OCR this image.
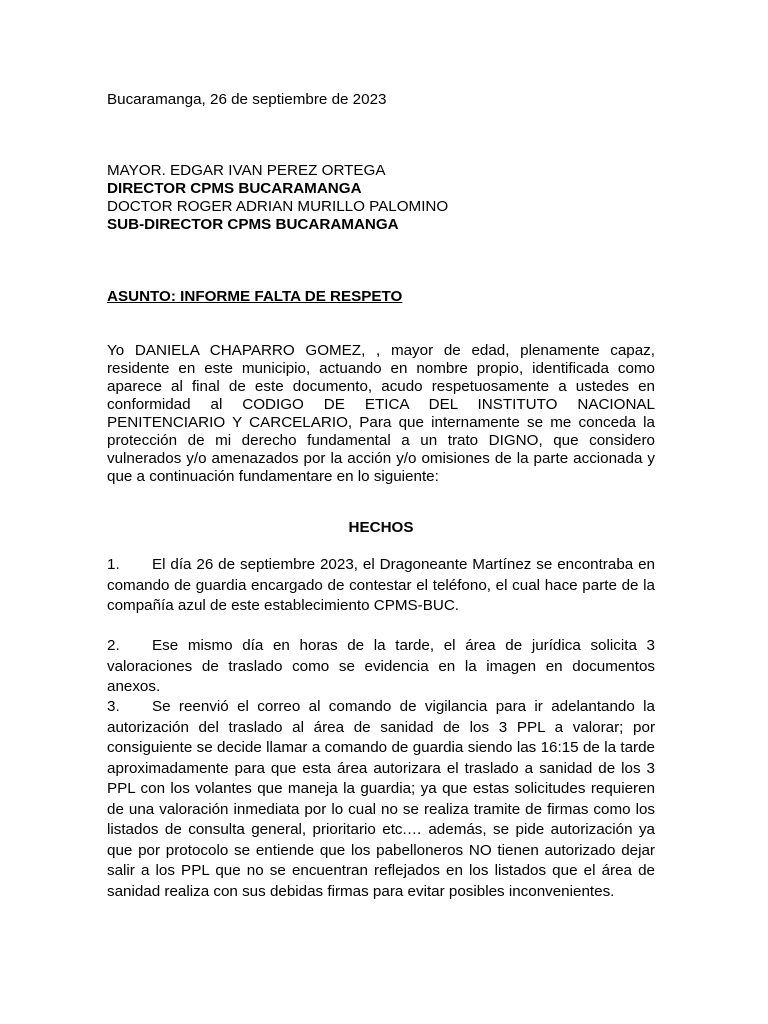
Bucaramanga, 26 de septiembre de 2023
MAYOR. EDGAR IVAN PEREZ ORTEGA
DIRECTOR CPMS BUCARAMANGA
DOCTOR ROGER ADRIAN MURILLO PALOMINO
SUB-DIRECTOR CPMS BUCARAMANGA
ASUNTO: INFORME FALTA DE RESPETO
Yo DANIELA CHAPARRO GOMEZ, , mayor de edad, plenamente capaz,
residente en este municipio, actuando en nombre propio, identificada como
aparece al final de este documento, acudo respetuosamente a ustedes en
conformidad al CODIGO DE ETICA DEL INSTITUTO NACIONAL
PENITENCIARIO Y CARCELARIO, Para que internamente se me conceda la
protección de mi derecho fundamental a un trato DIGNO, que considero
vulnerados y/o amenazados por la acción y/o omisiones de la parte accionada y
que a continuación fundamentare en lo siguiente:
HECHOS
1. El día 26 de septiembre 2023, el Dragoneante Martínez se encontraba en
comando de guardia encargado de contestar el teléfono, el cual hace parte de la
compañía azul de este establecimiento CPMS-BUC.
2. Ese mismo día en horas de la tarde, el área de jurídica solicita 3
valoraciones de traslado como se evidencia en la imagen en documentos anexos.
3. Se reenvió el correo al comando de vigilancia para ir adelantando la
autorización del traslado al área de sanidad de los 3 PPL a valorar; por
consiguiente se decide llamar a comando de guardia siendo las 16:15 de la tarde
aproximadamente para que esta área autorizara el traslado a sanidad de los 3
PPL con los volantes que maneja la guardia; ya que estas solicitudes requieren
de una valoración inmediata por lo cual no se realiza tramite de firmas como los
listados de consulta general, prioritario etc.… además, se pide autorización ya
que por protocolo se entiende que los pabelloneros NO tienen autorizado dejar
salir a los PPL que no se encuentran reflejados en los listados que el área de
sanidad realiza con sus debidas firmas para evitar posibles inconvenientes.
